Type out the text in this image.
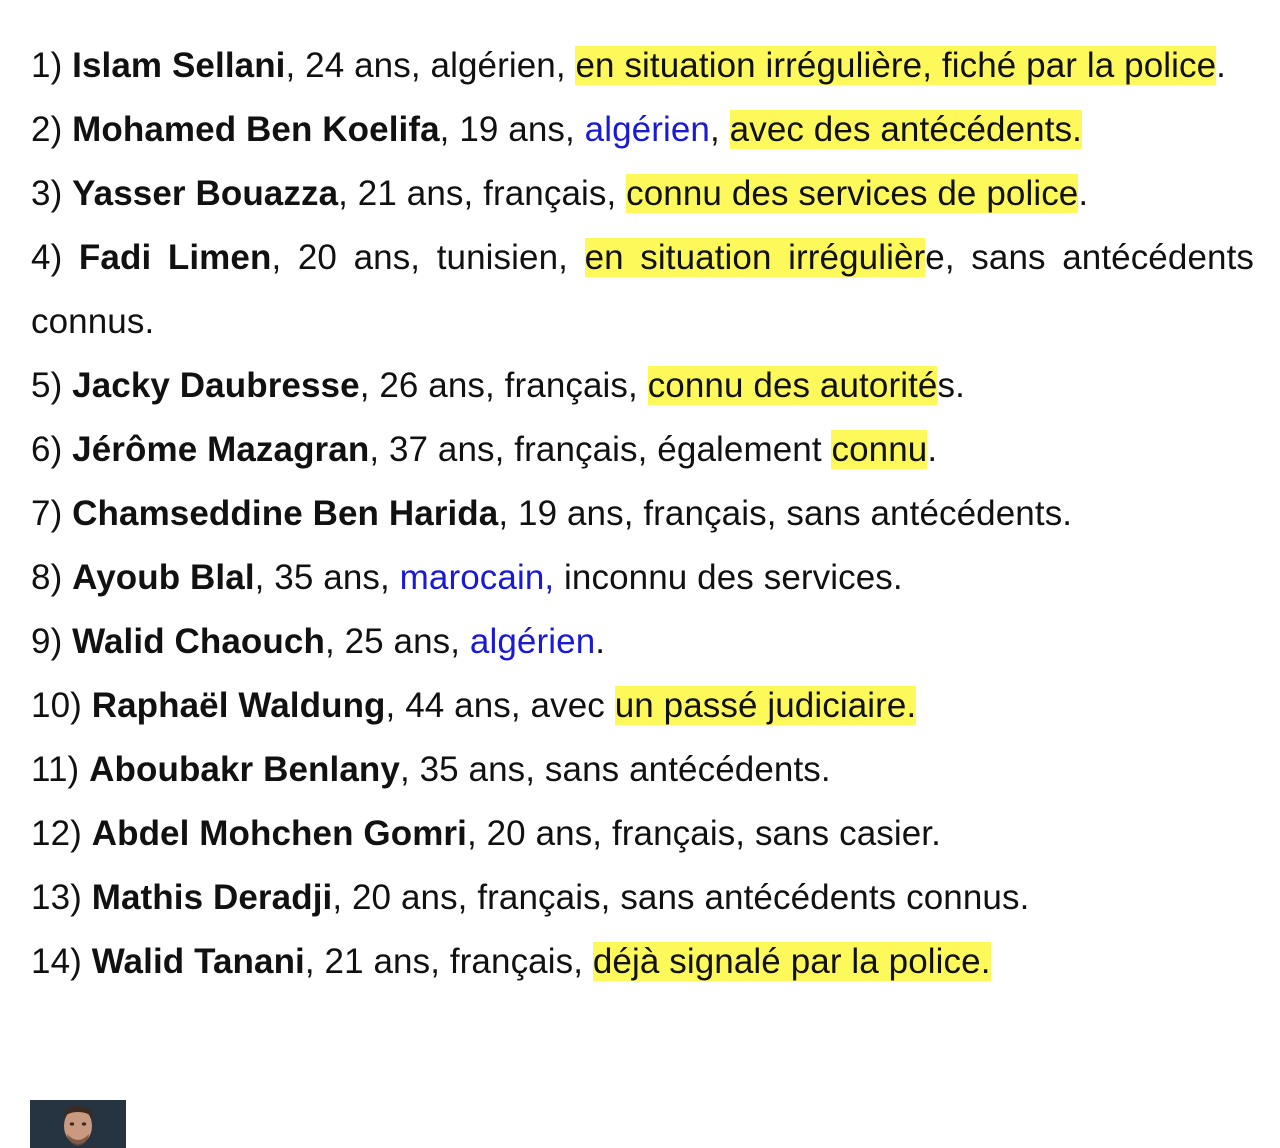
1) Islam Sellani, 24 ans, algérien, en situation irrégulière, fiché par la police.

2) Mohamed Ben Koelifa, 19 ans, algérien, avec des antécédents.

3) Yasser Bouazza, 21 ans, français, connu des services de police.

4) Fadi Limen, 20 ans, tunisien, en situation irrégulière, sans antécédents connus.

5) Jacky Daubresse, 26 ans, français, connu des autorités.

6) Jérôme Mazagran, 37 ans, français, également connu.

7) Chamseddine Ben Harida, 19 ans, français, sans antécédents.

8) Ayoub Blal, 35 ans, marocain, inconnu des services.

9) Walid Chaouch, 25 ans, algérien.

10) Raphaël Waldung, 44 ans, avec un passé judiciaire.

11) Aboubakr Benlany, 35 ans, sans antécédents.

12) Abdel Mohchen Gomri, 20 ans, français, sans casier.

13) Mathis Deradji, 20 ans, français, sans antécédents connus.

14) Walid Tanani, 21 ans, français, déjà signalé par la police.
